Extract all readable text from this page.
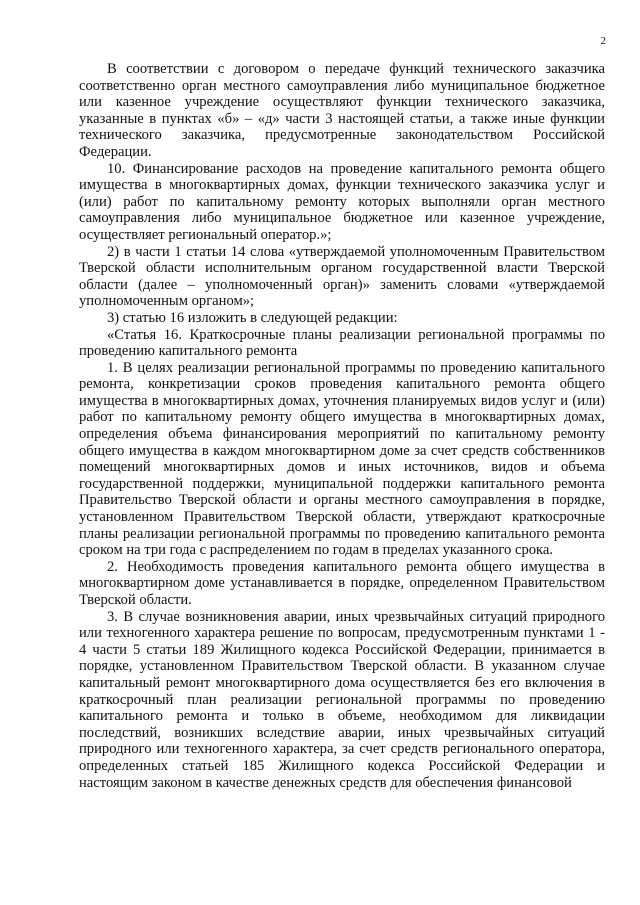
2

В соответствии с договором о передаче функций технического заказчика соответственно орган местного самоуправления либо муниципальное бюджетное или казенное учреждение осуществляют функции технического заказчика, указанные в пунктах «б» – «д» части 3 настоящей статьи, а также иные функции технического заказчика, предусмотренные законодательством Российской Федерации.

10. Финансирование расходов на проведение капитального ремонта общего имущества в многоквартирных домах, функции технического заказчика услуг и (или) работ по капитальному ремонту которых выполняли орган местного самоуправления либо муниципальное бюджетное или казенное учреждение, осуществляет региональный оператор.»;

2) в части 1 статьи 14 слова «утверждаемой уполномоченным Правительством Тверской области исполнительным органом государственной власти Тверской области (далее – уполномоченный орган)» заменить словами «утверждаемой уполномоченным органом»;

3) статью 16 изложить в следующей редакции:

«Статья 16. Краткосрочные планы реализации региональной программы по проведению капитального ремонта

1. В целях реализации региональной программы по проведению капитального ремонта, конкретизации сроков проведения капитального ремонта общего имущества в многоквартирных домах, уточнения планируемых видов услуг и (или) работ по капитальному ремонту общего имущества в многоквартирных домах, определения объема финансирования мероприятий по капитальному ремонту общего имущества в каждом многоквартирном доме за счет средств собственников помещений многоквартирных домов и иных источников, видов и объема государственной поддержки, муниципальной поддержки капитального ремонта Правительство Тверской области и органы местного самоуправления в порядке, установленном Правительством Тверской области, утверждают краткосрочные планы реализации региональной программы по проведению капитального ремонта сроком на три года с распределением по годам в пределах указанного срока.

2. Необходимость проведения капитального ремонта общего имущества в многоквартирном доме устанавливается в порядке, определенном Правительством Тверской области.

3. В случае возникновения аварии, иных чрезвычайных ситуаций природного или техногенного характера решение по вопросам, предусмотренным пунктами 1 - 4 части 5 статьи 189 Жилищного кодекса Российской Федерации, принимается в порядке, установленном Правительством Тверской области. В указанном случае капитальный ремонт многоквартирного дома осуществляется без его включения в краткосрочный план реализации региональной программы по проведению капитального ремонта и только в объеме, необходимом для ликвидации последствий, возникших вследствие аварии, иных чрезвычайных ситуаций природного или техногенного характера, за счет средств регионального оператора, определенных статьей 185 Жилищного кодекса Российской Федерации и настоящим законом в качестве денежных средств для обеспечения финансовой
